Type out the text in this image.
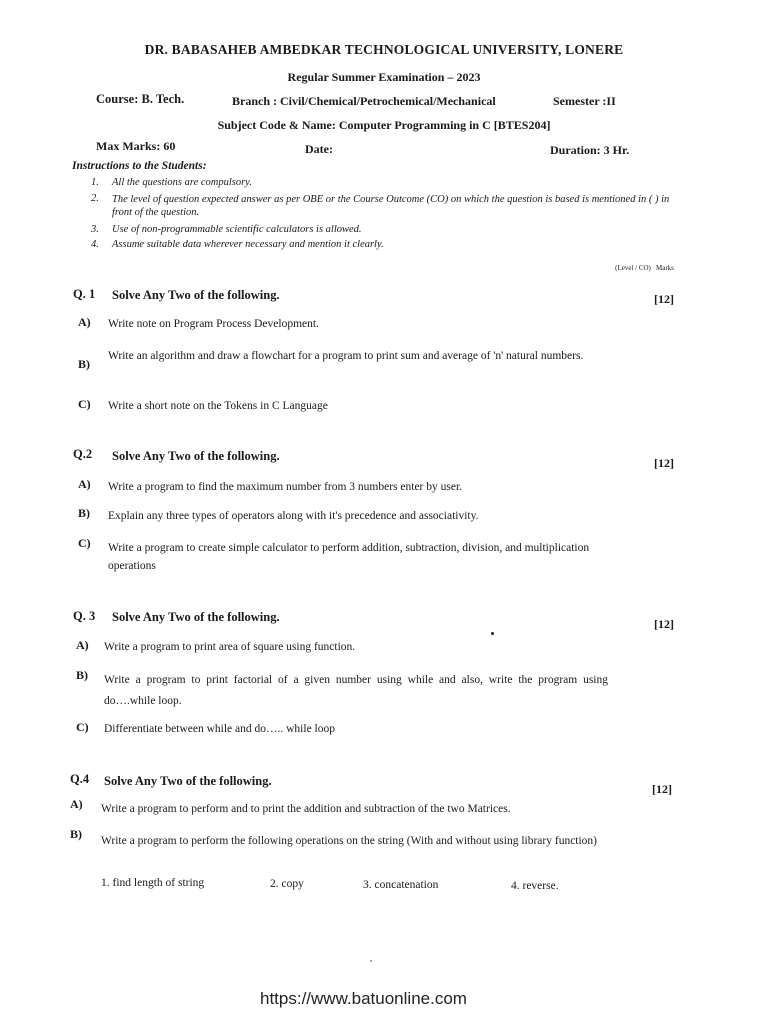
DR. BABASAHEB AMBEDKAR TECHNOLOGICAL UNIVERSITY, LONERE
Regular Summer Examination – 2023
Course: B. Tech.	Branch : Civil/Chemical/Petrochemical/Mechanical	Semester :II
Subject Code & Name: Computer Programming in C [BTES204]
Max Marks: 60	Date:	Duration: 3 Hr.
Instructions to the Students:
1. All the questions are compulsory.
2. The level of question expected answer as per OBE or the Course Outcome (CO) on which the question is based is mentioned in ( ) in front of the question.
3. Use of non-programmable scientific calculators is allowed.
4. Assume suitable data wherever necessary and mention it clearly.
(Level / CO) Marks
Q. 1 Solve Any Two of the following.	[12]
A) Write note on Program Process Development.
B)
Write an algorithm and draw a flowchart for a program to print sum and average of 'n' natural numbers.
C) Write a short note on the Tokens in C Language
Q.2 Solve Any Two of the following.	[12]
A) Write a program to find the maximum number from 3 numbers enter by user.
B) Explain any three types of operators along with it's precedence and associativity.
C) Write a program to create simple calculator to perform addition, subtraction, division, and multiplication operations
Q. 3 Solve Any Two of the following.	[12]
A) Write a program to print area of square using function.
B) Write a program to print factorial of a given number using while and also, write the program using do….while loop.
C) Differentiate between while and do….. while loop
Q.4 Solve Any Two of the following.
[12]
A) Write a program to perform and to print the addition and subtraction of the two Matrices.
B) Write a program to perform the following operations on the string (With and without using library function)
1. find length of string	2. copy	3. concatenation	4. reverse.
https://www.batuonline.com
